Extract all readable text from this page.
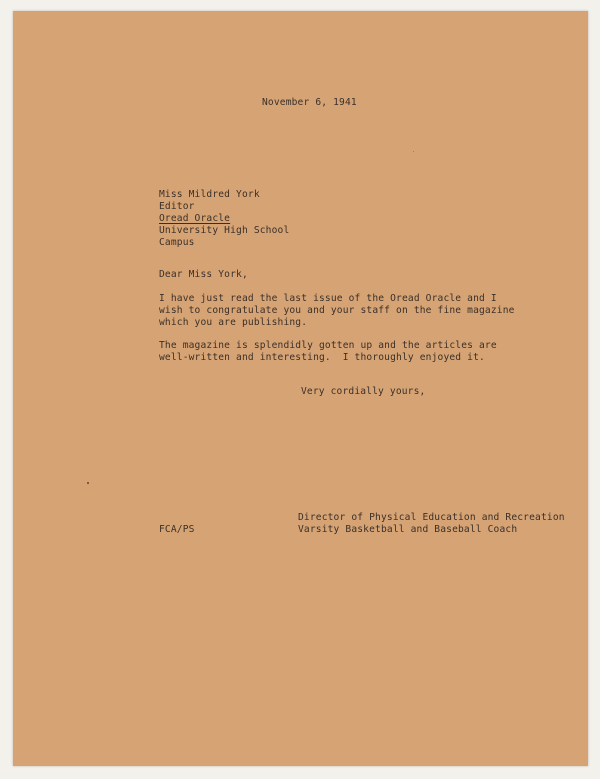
November 6, 1941

Miss Mildred York

Editor

Oread Oracle

University High School

Campus

Dear Miss York,

I have just read the last issue of the Oread Oracle and I

wish to congratulate you and your staff on the fine magazine

which you are publishing.

The magazine is splendidly gotten up and the articles are

well-written and interesting.  I thoroughly enjoyed it.

Very cordially yours,

Director of Physical Education and Recreation

Varsity Basketball and Baseball Coach

FCA/PS
